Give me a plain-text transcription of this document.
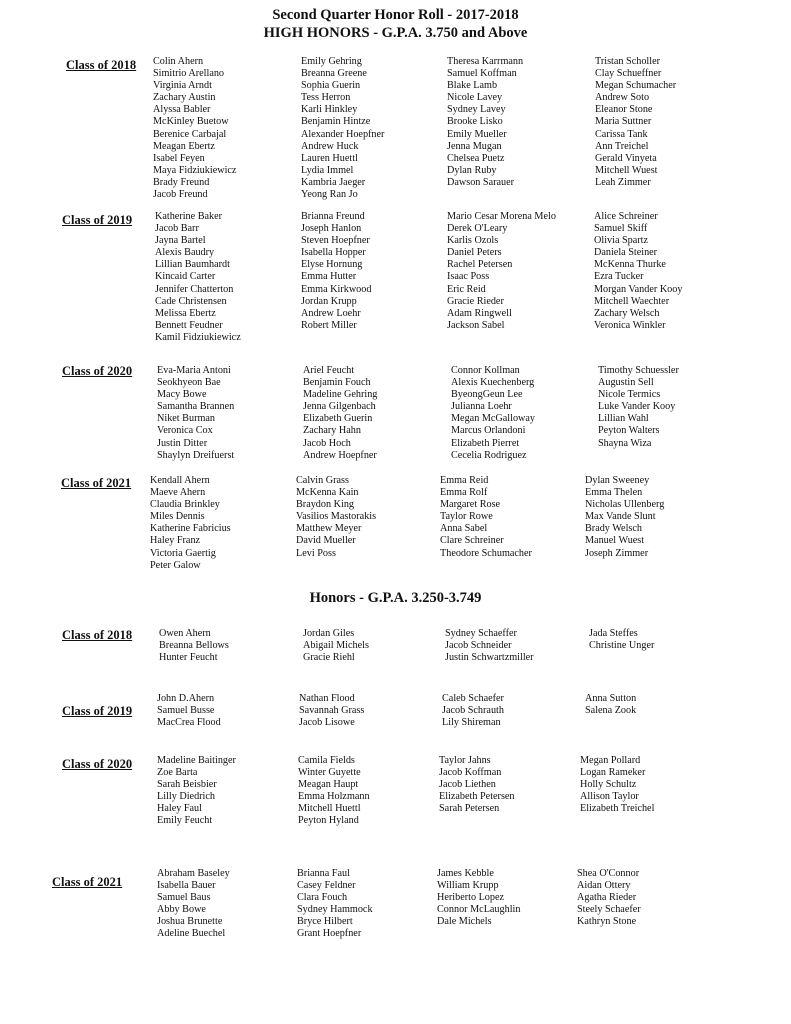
Second Quarter Honor Roll - 2017-2018
HIGH HONORS - G.P.A. 3.750 and Above
Honors - G.P.A. 3.250-3.749
Class of 2018 Colin Ahern
Simitrio Arellano
Virginia Arndt
Zachary Austin
Alyssa Babler
McKinley Buetow
Berenice Carbajal
Meagan Ebertz
Isabel Feyen
Maya Fidziukiewicz
Brady Freund
Jacob Freund
Emily Gehring
Breanna Greene
Sophia Guerin
Tess Herron
Karli Hinkley
Benjamin Hintze
Alexander Hoepfner
Andrew Huck
Lauren Huettl
Lydia Immel
Kambria Jaeger
Yeong Ran Jo
Theresa Karrmann
Samuel Koffman
Blake Lamb
Nicole Lavey
Sydney Lavey
Brooke Lisko
Emily Mueller
Jenna Mugan
Chelsea Puetz
Dylan Ruby
Dawson Sarauer
Tristan Scholler
Clay Schueffner
Megan Schumacher
Andrew Soto
Eleanor Stone
Maria Suttner
Carissa Tank
Ann Treichel
Gerald Vinyeta
Mitchell Wuest
Leah Zimmer
Class of 2019 Katherine Baker
Jacob Barr
Jayna Bartel
Alexis Baudry
Lillian Baumhardt
Kincaid Carter
Jennifer Chatterton
Cade Christensen
Melissa Ebertz
Bennett Feudner
Kamil Fidziukiewicz
Brianna Freund
Joseph Hanlon
Steven Hoepfner
Isabella Hopper
Elyse Hornung
Emma Hutter
Emma Kirkwood
Jordan Krupp
Andrew Loehr
Robert Miller
Mario Cesar Morena Melo
Derek O'Leary
Karlis Ozols
Daniel Peters
Rachel Petersen
Isaac Poss
Eric Reid
Gracie Rieder
Adam Ringwell
Jackson Sabel
Alice Schreiner
Samuel Skiff
Olivia Spartz
Daniela Steiner
McKenna Thurke
Ezra Tucker
Morgan Vander Kooy
Mitchell Waechter
Zachary Welsch
Veronica Winkler
Class of 2020 Eva-Maria Antoni
Seokhyeon Bae
Macy Bowe
Samantha Brannen
Niket Burman
Veronica Cox
Justin Ditter
Shaylyn Dreifuerst
Ariel Feucht
Benjamin Fouch
Madeline Gehring
Jenna Gilgenbach
Elizabeth Guerin
Zachary Hahn
Jacob Hoch
Andrew Hoepfner
Connor Kollman
Alexis Kuechenberg
ByeongGeun Lee
Julianna Loehr
Megan McGalloway
Marcus Orlandoni
Elizabeth Pierret
Cecelia Rodriguez
Timothy Schuessler
Augustin Sell
Nicole Termics
Luke Vander Kooy
Lillian Wahl
Peyton Walters
Shayna Wiza
Class of 2021 Kendall Ahern
Maeve Ahern
Claudia Brinkley
Miles Dennis
Katherine Fabricius
Haley Franz
Victoria Gaertig
Peter Galow
Calvin Grass
McKenna Kain
Braydon King
Vasilios Mastorakis
Matthew Meyer
David Mueller
Levi Poss
Emma Reid
Emma Rolf
Margaret Rose
Taylor Rowe
Anna Sabel
Clare Schreiner
Theodore Schumacher
Dylan Sweeney
Emma Thelen
Nicholas Ullenberg
Max Vande Slunt
Brady Welsch
Manuel Wuest
Joseph Zimmer
Class of 2018	Owen Ahern
Breanna Bellows
Hunter Feucht
Jordan Giles
Abigail Michels
Gracie Riehl
Sydney Schaeffer
Jacob Schneider
Justin Schwartzmiller
Jada Steffes
Christine Unger
Class of 2019
John D.Ahern
Samuel Busse
MacCrea Flood
Nathan Flood
Savannah Grass
Jacob Lisowe
Caleb Schaefer
Jacob Schrauth
Lily Shireman
Anna Sutton
Salena Zook
Class of 2020 Madeline Baitinger
Zoe Barta
Sarah Beisbier
Lilly Diedrich
Haley Faul
Emily Feucht
Camila Fields
Winter Guyette
Meagan Haupt
Emma Holzmann
Mitchell Huettl
Peyton Hyland
Taylor Jahns
Jacob Koffman
Jacob Liethen
Elizabeth Petersen
Sarah Petersen
Megan Pollard
Logan Rameker
Holly Schultz
Allison Taylor
Elizabeth Treichel
Class of 2021
Abraham Baseley
Isabella Bauer
Samuel Baus
Abby Bowe
Joshua Brunette
Adeline Buechel
Brianna Faul
Casey Feldner
Clara Fouch
Sydney Hammock
Bryce Hilbert
Grant Hoepfner
James Kebble
William Krupp
Heriberto Lopez
Connor McLaughlin
Dale Michels
Shea O'Connor
Aidan Ottery
Agatha Rieder
Steely Schaefer
Kathryn Stone
